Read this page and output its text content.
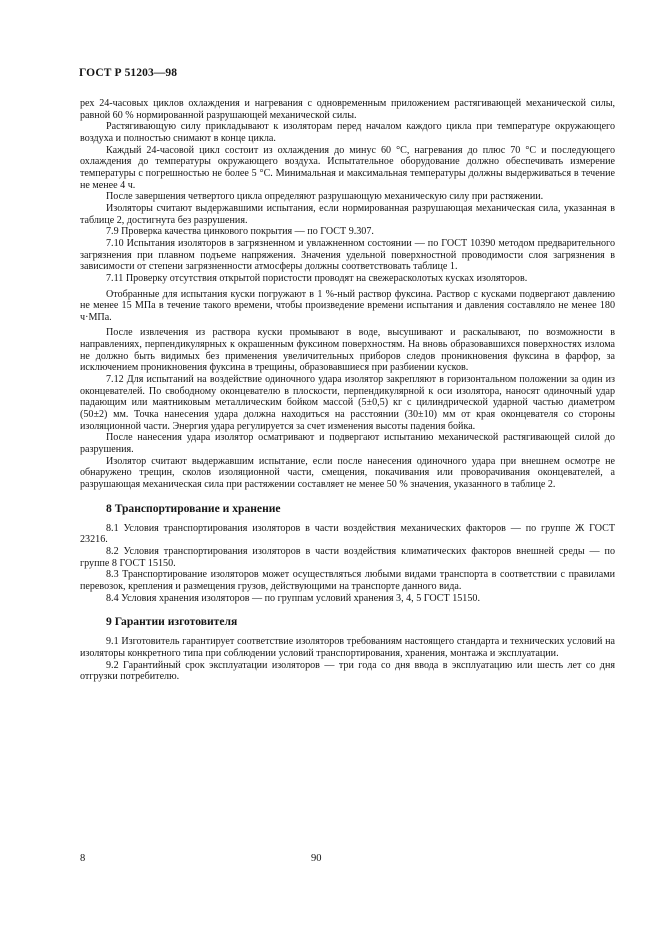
ГОСТ Р 51203—98

рех 24-часовых циклов охлаждения и нагревания с одновременным приложением растягивающей механической силы, равной 60 % нормированной разрушающей механической силы.

Растягивающую силу прикладывают к изоляторам перед началом каждого цикла при температуре окружающего воздуха и полностью снимают в конце цикла.

Каждый 24-часовой цикл состоит из охлаждения до минус 60 °С, нагревания до плюс 70 °С и последующего охлаждения до температуры окружающего воздуха. Испытательное оборудование должно обеспечивать измерение температуры с погрешностью не более 5 °С. Минимальная и максимальная температуры должны выдерживаться в течение не менее 4 ч.

После завершения четвертого цикла определяют разрушающую механическую силу при растяжении.

Изоляторы считают выдержавшими испытания, если нормированная разрушающая механическая сила, указанная в таблице 2, достигнута без разрушения.

7.9 Проверка качества цинкового покрытия — по ГОСТ 9.307.

7.10 Испытания изоляторов в загрязненном и увлажненном состоянии — по ГОСТ 10390 методом предварительного загрязнения при плавном подъеме напряжения. Значения удельной поверхностной проводимости слоя загрязнения в зависимости от степени загрязненности атмосферы должны соответствовать таблице 1.

7.11 Проверку отсутствия открытой пористости проводят на свежерасколотых кусках изоляторов.

Отобранные для испытания куски погружают в 1 %-ный раствор фуксина. Раствор с кусками подвергают давлению не менее 15 МПа в течение такого времени, чтобы произведение времени испытания и давления составляло не менее 180 ч·МПа.

После извлечения из раствора куски промывают в воде, высушивают и раскалывают, по возможности в направлениях, перпендикулярных к окрашенным фуксином поверхностям. На вновь образовавшихся поверхностях излома не должно быть видимых без применения увеличительных приборов следов проникновения фуксина в фарфор, за исключением проникновения фуксина в трещины, образовавшиеся при разбиении кусков.

7.12 Для испытаний на воздействие одиночного удара изолятор закрепляют в горизонтальном положении за один из оконцевателей. По свободному оконцевателю в плоскости, перпендикулярной к оси изолятора, наносят одиночный удар падающим или маятниковым металлическим бойком массой (5±0,5) кг с цилиндрической ударной частью диаметром (50±2) мм. Точка нанесения удара должна находиться на расстоянии (30±10) мм от края оконцевателя со стороны изоляционной части. Энергия удара регулируется за счет изменения высоты падения бойка.

После нанесения удара изолятор осматривают и подвергают испытанию механической растягивающей силой до разрушения.

Изолятор считают выдержавшим испытание, если после нанесения одиночного удара при внешнем осмотре не обнаружено трещин, сколов изоляционной части, смещения, покачивания или проворачивания оконцевателей, а разрушающая механическая сила при растяжении составляет не менее 50 % значения, указанного в таблице 2.

8 Транспортирование и хранение

8.1 Условия транспортирования изоляторов в части воздействия механических факторов — по группе Ж ГОСТ 23216.

8.2 Условия транспортирования изоляторов в части воздействия климатических факторов внешней среды — по группе 8 ГОСТ 15150.

8.3 Транспортирование изоляторов может осуществляться любыми видами транспорта в соответствии с правилами перевозок, крепления и размещения грузов, действующими на транспорте данного вида.

8.4 Условия хранения изоляторов — по группам условий хранения 3, 4, 5 ГОСТ 15150.

9 Гарантии изготовителя

9.1 Изготовитель гарантирует соответствие изоляторов требованиям настоящего стандарта и технических условий на изоляторы конкретного типа при соблюдении условий транспортирования, хранения, монтажа и эксплуатации.

9.2 Гарантийный срок эксплуатации изоляторов — три года со дня ввода в эксплуатацию или шесть лет со дня отгрузки потребителю.

8	90
